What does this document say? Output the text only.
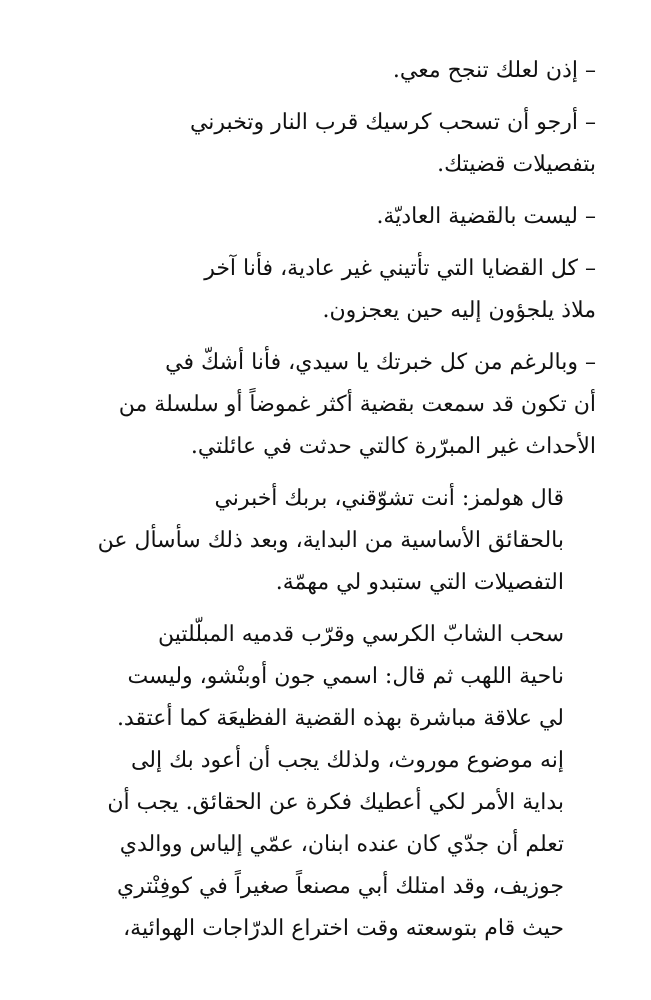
– إذن لعلك تنجح معي.

– أرجو أن تسحب كرسيك قرب النار وتخبرني
بتفصيلات قضيتك.

– ليست بالقضية العاديّة.

– كل القضايا التي تأتيني غير عادية، فأنا آخر
ملاذ يلجؤون إليه حين يعجزون.

– وبالرغم من كل خبرتك يا سيدي، فأنا أشكّ في
أن تكون قد سمعت بقضية أكثر غموضاً أو سلسلة من
الأحداث غير المبرّرة كالتي حدثت في عائلتي.

قال هولمز: أنت تشوّقني، بربك أخبرني
بالحقائق الأساسية من البداية، وبعد ذلك سأسأل عن
التفصيلات التي ستبدو لي مهمّة.

سحب الشابّ الكرسي وقرّب قدميه المبلّلتين
ناحية اللهب ثم قال: اسمي جون أوبنْشو، وليست
لي علاقة مباشرة بهذه القضية الفظيعَة كما أعتقد.
إنه موضوع موروث، ولذلك يجب أن أعود بك إلى
بداية الأمر لكي أعطيك فكرة عن الحقائق. يجب أن
تعلم أن جدّي كان عنده ابنان، عمّي إلياس ووالدي
جوزيف، وقد امتلك أبي مصنعاً صغيراً في كوفِنْتري
حيث قام بتوسعته وقت اختراع الدرّاجات الهوائية،
